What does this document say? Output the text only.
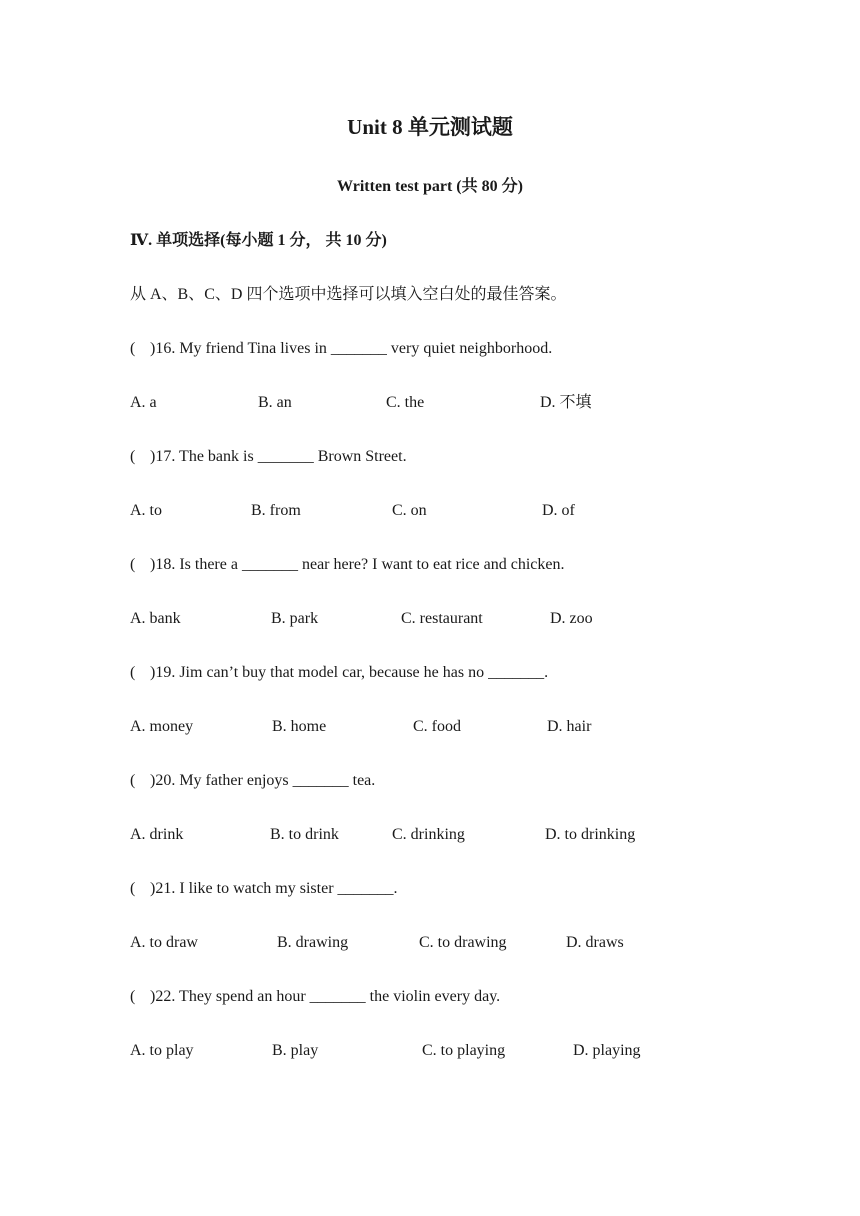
Unit 8 单元测试题
Written test part (共 80 分)
Ⅳ. 单项选择(每小题 1 分， 共 10 分)
从 A、B、C、D 四个选项中选择可以填入空白处的最佳答案。
( )16. My friend Tina lives in _______ very quiet neighborhood.
A. a	B. an	C. the	D. 不填
( )17. The bank is _______ Brown Street.
A. to	B. from	C. on	D. of
( )18. Is there a _______ near here? I want to eat rice and chicken.
A. bank	B. park	C. restaurant	D. zoo
( )19. Jim can’t buy that model car, because he has no _______.
A. money	B. home	C. food	D. hair
( )20. My father enjoys _______ tea.
A. drink	B. to drink	C. drinking	D. to drinking
( )21. I like to watch my sister _______.
A. to draw	B. drawing	C. to drawing	D. draws
( )22. They spend an hour _______ the violin every day.
A. to play	B. play	C. to playing	D. playing
